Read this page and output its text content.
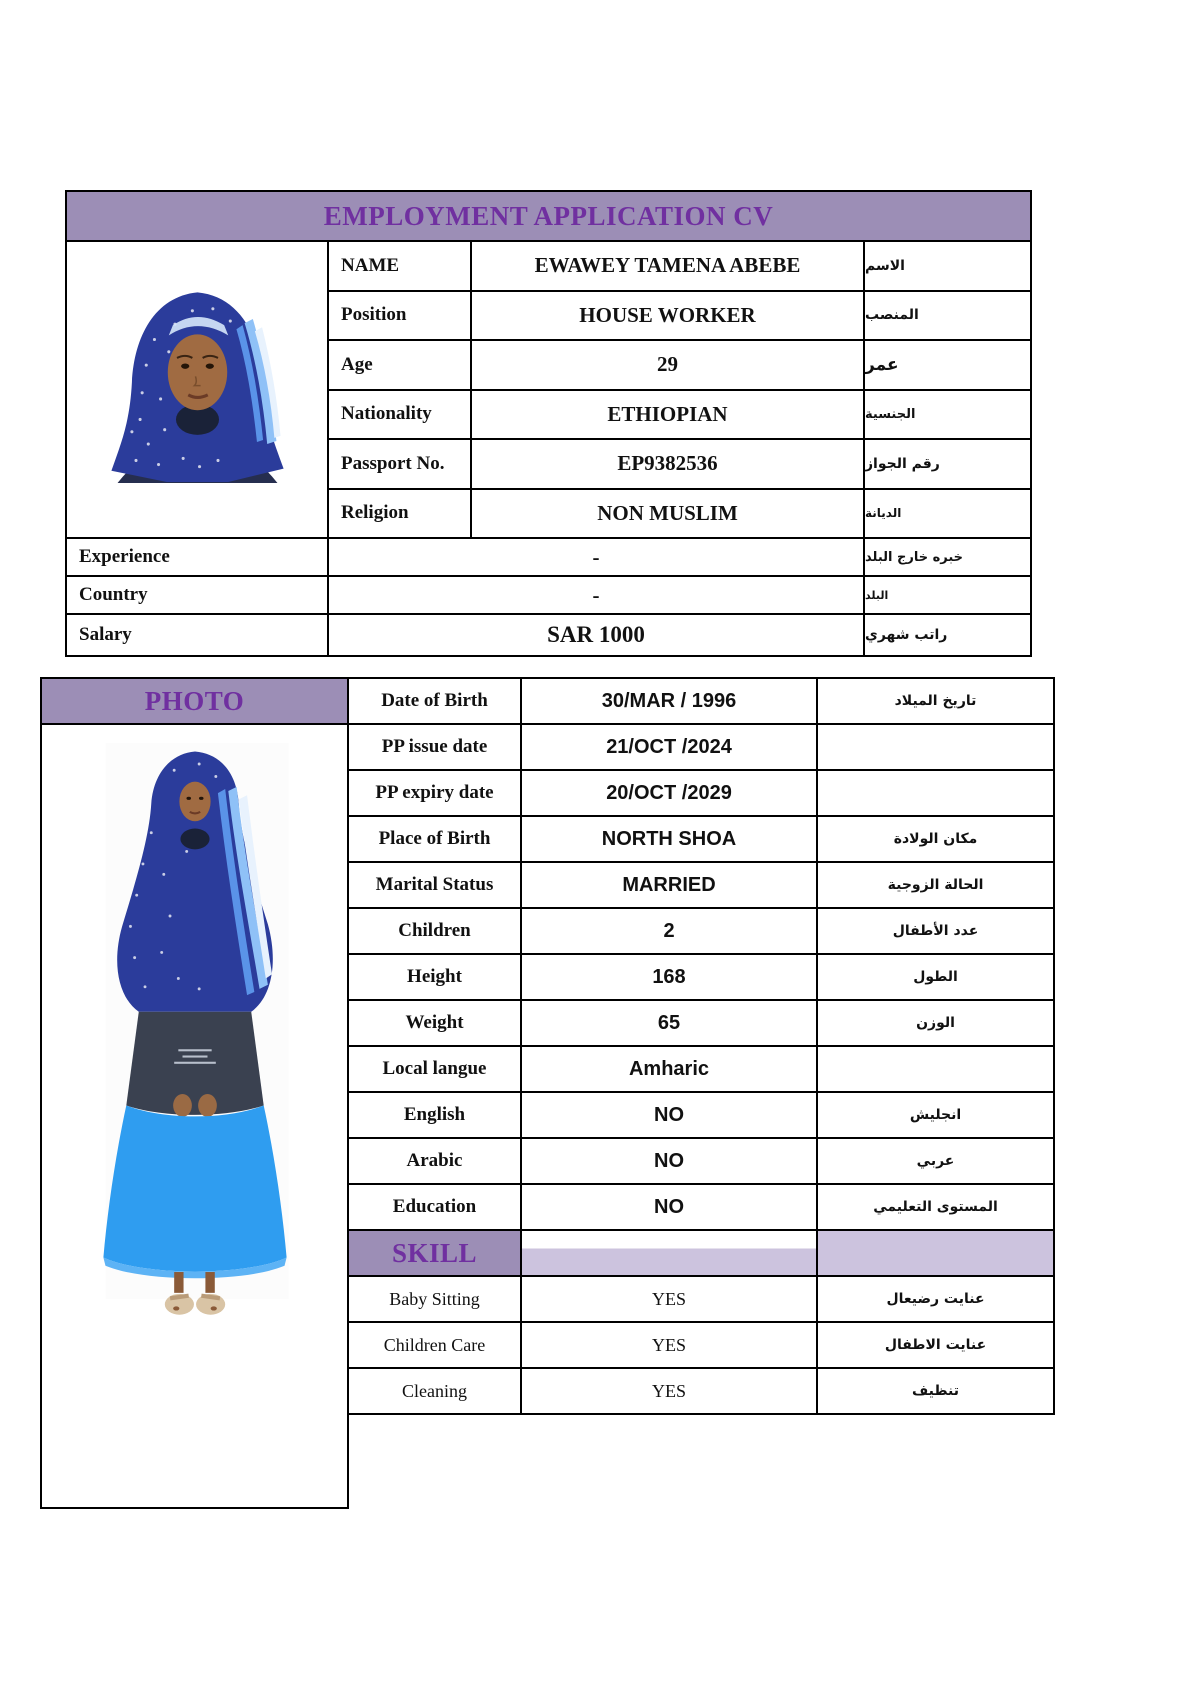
EMPLOYMENT APPLICATION CV
NAME	EWAWEY TAMENA ABEBE	الاسم
Position	HOUSE WORKER	المنصب
Age	29	عمر
Nationality	ETHIOPIAN	الجنسية
Passport No.	EP9382536	رقم الجواز
Religion	NON MUSLIM	الديانة
Experience	-	خبره خارج البلد
Country	-	البلد
Salary	SAR 1000	راتب شهري
PHOTO	Date of Birth	30/MAR / 1996	تاريخ الميلاد
PP issue date	21/OCT /2024
PP expiry date	20/OCT /2029
Place of Birth	NORTH SHOA	مكان الولادة
Marital Status	MARRIED	الحالة الزوجية
Children	2	عدد الأطفال
Height	168	الطول
Weight	65	الوزن
Local langue	Amharic
English	NO	انجليش
Arabic	NO	عربي
Education	NO	المستوى التعليمي
SKILL
Baby Sitting	YES	عنايت رضيعال
Children Care	YES	عنايت الاطفال
Cleaning	YES	تنظيف
